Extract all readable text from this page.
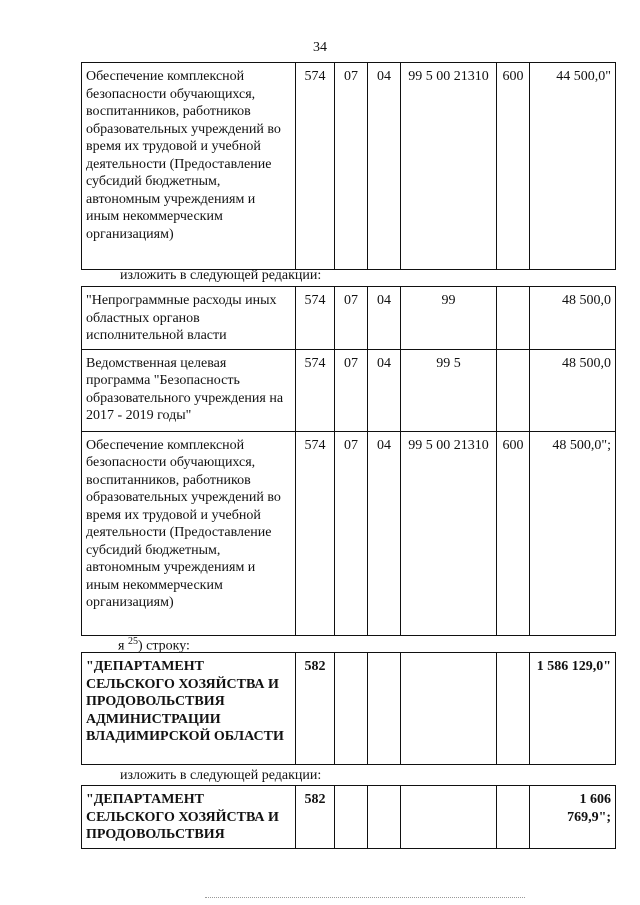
34
Обеспечение комплексной безопасности обучающихся, воспитанников, работников образовательных учреждений во время их трудовой и учебной деятельности (Предоставление субсидий бюджетным, автономным учреждениям и иным некоммерческим организациям)	574	07	04	99 5 00 21310	600	44 500,0"
изложить в следующей редакции:
"Непрограммные расходы иных областных органов исполнительной власти	574	07	04	99		48 500,0
Ведомственная целевая программа "Безопасность образовательного учреждения на 2017 - 2019 годы"	574	07	04	99 5		48 500,0
Обеспечение комплексной безопасности обучающихся, воспитанников, работников образовательных учреждений во время их трудовой и учебной деятельности (Предоставление субсидий бюджетным, автономным учреждениям и иным некоммерческим организациям)	574	07	04	99 5 00 21310	600	48 500,0";
я $^{25}$) строку:
"ДЕПАРТАМЕНТ СЕЛЬСКОГО ХОЗЯЙСТВА И ПРОДОВОЛЬСТВИЯ АДМИНИСТРАЦИИ ВЛАДИМИРСКОЙ ОБЛАСТИ	582					1 586 129,0"
изложить в следующей редакции:
"ДЕПАРТАМЕНТ СЕЛЬСКОГО ХОЗЯЙСТВА И ПРОДОВОЛЬСТВИЯ	582					1 606 769,9";
